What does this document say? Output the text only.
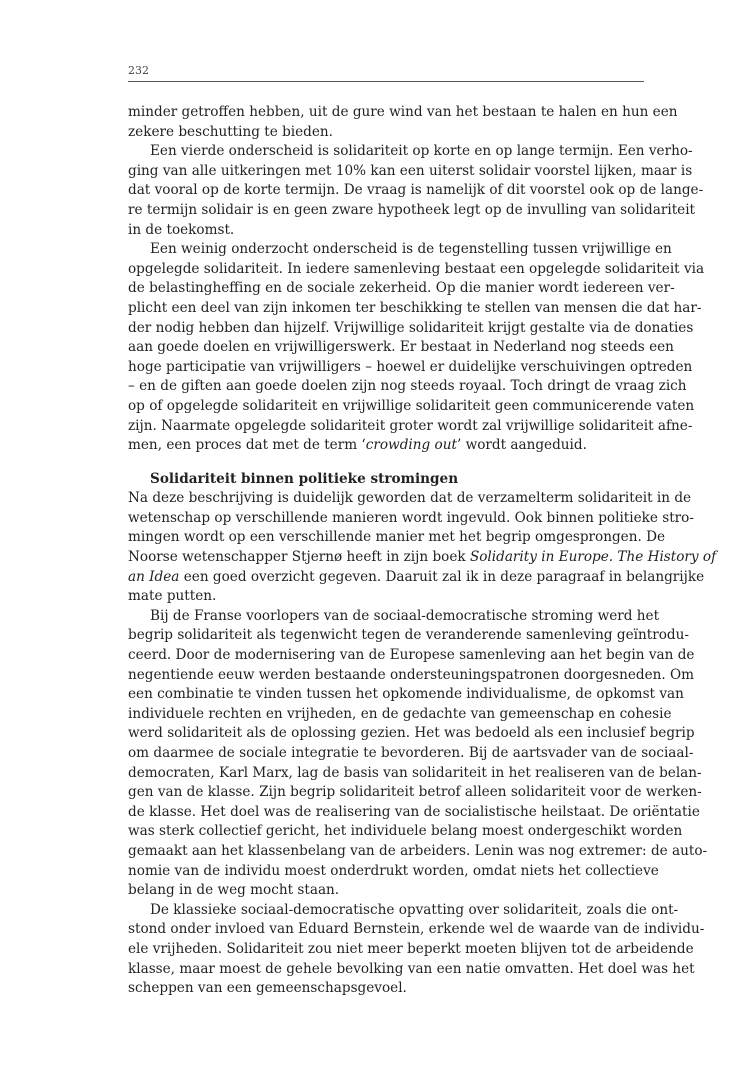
232
minder getroffen hebben, uit de gure wind van het bestaan te halen en hun een
zekere beschutting te bieden.
Een vierde onderscheid is solidariteit op korte en op lange termijn. Een verho-
ging van alle uitkeringen met 10% kan een uiterst solidair voorstel lijken, maar is
dat vooral op de korte termijn. De vraag is namelijk of dit voorstel ook op de lange-
re termijn solidair is en geen zware hypotheek legt op de invulling van solidariteit
in de toekomst.
Een weinig onderzocht onderscheid is de tegenstelling tussen vrijwillige en
opgelegde solidariteit. In iedere samenleving bestaat een opgelegde solidariteit via
de belastingheffing en de sociale zekerheid. Op die manier wordt iedereen ver-
plicht een deel van zijn inkomen ter beschikking te stellen van mensen die dat har-
der nodig hebben dan hijzelf. Vrijwillige solidariteit krijgt gestalte via de donaties
aan goede doelen en vrijwilligerswerk. Er bestaat in Nederland nog steeds een
hoge participatie van vrijwilligers – hoewel er duidelijke verschuivingen optreden
– en de giften aan goede doelen zijn nog steeds royaal. Toch dringt de vraag zich
op of opgelegde solidariteit en vrijwillige solidariteit geen communicerende vaten
zijn. Naarmate opgelegde solidariteit groter wordt zal vrijwillige solidariteit afne-
men, een proces dat met de term ‘crowding out’ wordt aangeduid.
Solidariteit binnen politieke stromingen
Na deze beschrijving is duidelijk geworden dat de verzamelterm solidariteit in de
wetenschap op verschillende manieren wordt ingevuld. Ook binnen politieke stro-
mingen wordt op een verschillende manier met het begrip omgesprongen. De
Noorse wetenschapper Stjernø heeft in zijn boek Solidarity in Europe. The History of
an Idea een goed overzicht gegeven. Daaruit zal ik in deze paragraaf in belangrijke
mate putten.
Bij de Franse voorlopers van de sociaal-democratische stroming werd het
begrip solidariteit als tegenwicht tegen de veranderende samenleving geïntrodu-
ceerd. Door de modernisering van de Europese samenleving aan het begin van de
negentiende eeuw werden bestaande ondersteuningspatronen doorgesneden. Om
een combinatie te vinden tussen het opkomende individualisme, de opkomst van
individuele rechten en vrijheden, en de gedachte van gemeenschap en cohesie
werd solidariteit als de oplossing gezien. Het was bedoeld als een inclusief begrip
om daarmee de sociale integratie te bevorderen. Bij de aartsvader van de sociaal-
democraten, Karl Marx, lag de basis van solidariteit in het realiseren van de belan-
gen van de klasse. Zijn begrip solidariteit betrof alleen solidariteit voor de werken-
de klasse. Het doel was de realisering van de socialistische heilstaat. De oriëntatie
was sterk collectief gericht, het individuele belang moest ondergeschikt worden
gemaakt aan het klassenbelang van de arbeiders. Lenin was nog extremer: de auto-
nomie van de individu moest onderdrukt worden, omdat niets het collectieve
belang in de weg mocht staan.
De klassieke sociaal-democratische opvatting over solidariteit, zoals die ont-
stond onder invloed van Eduard Bernstein, erkende wel de waarde van de individu-
ele vrijheden. Solidariteit zou niet meer beperkt moeten blijven tot de arbeidende
klasse, maar moest de gehele bevolking van een natie omvatten. Het doel was het
scheppen van een gemeenschapsgevoel.
